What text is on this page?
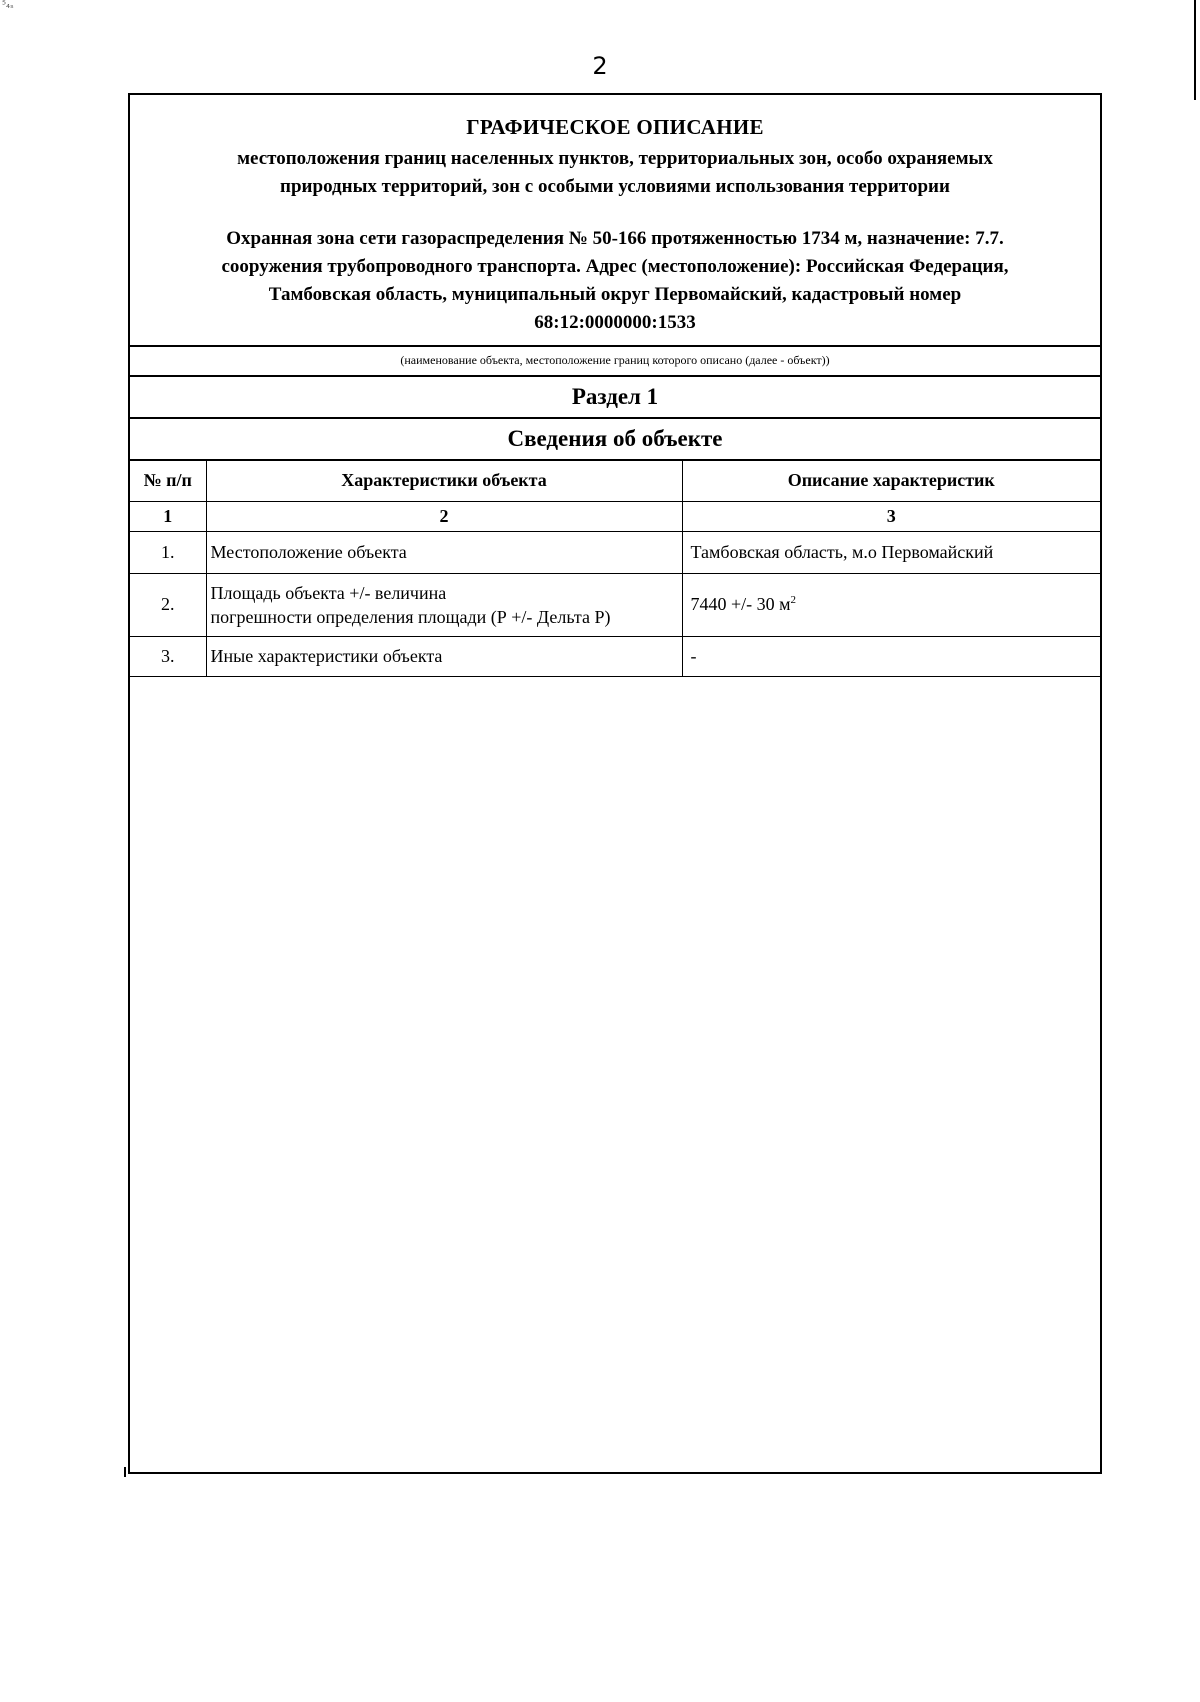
⁵₄ₛ
2
ГРАФИЧЕСКОЕ ОПИСАНИЕ
местоположения границ населенных пунктов, территориальных зон, особо охраняемых
природных территорий, зон с особыми условиями использования территории
Охранная зона сети газораспределения № 50-166 протяженностью 1734 м, назначение: 7.7.
сооружения трубопроводного транспорта. Адрес (местоположение): Российская Федерация,
Тамбовская область, муниципальный округ Первомайский, кадастровый номер
68:12:0000000:1533
(наименование объекта, местоположение границ которого описано (далее - объект))
Раздел 1
Сведения об объекте
№ п/п	Характеристики объекта	Описание характеристик
1	2	3
1.	Местоположение объекта	Тамбовская область, м.о Первомайский
2.	Площадь объекта +/- величина
погрешности определения площади (Р +/- Дельта Р)	7440 +/- 30 $м^2$
3.	Иные характеристики объекта	-
